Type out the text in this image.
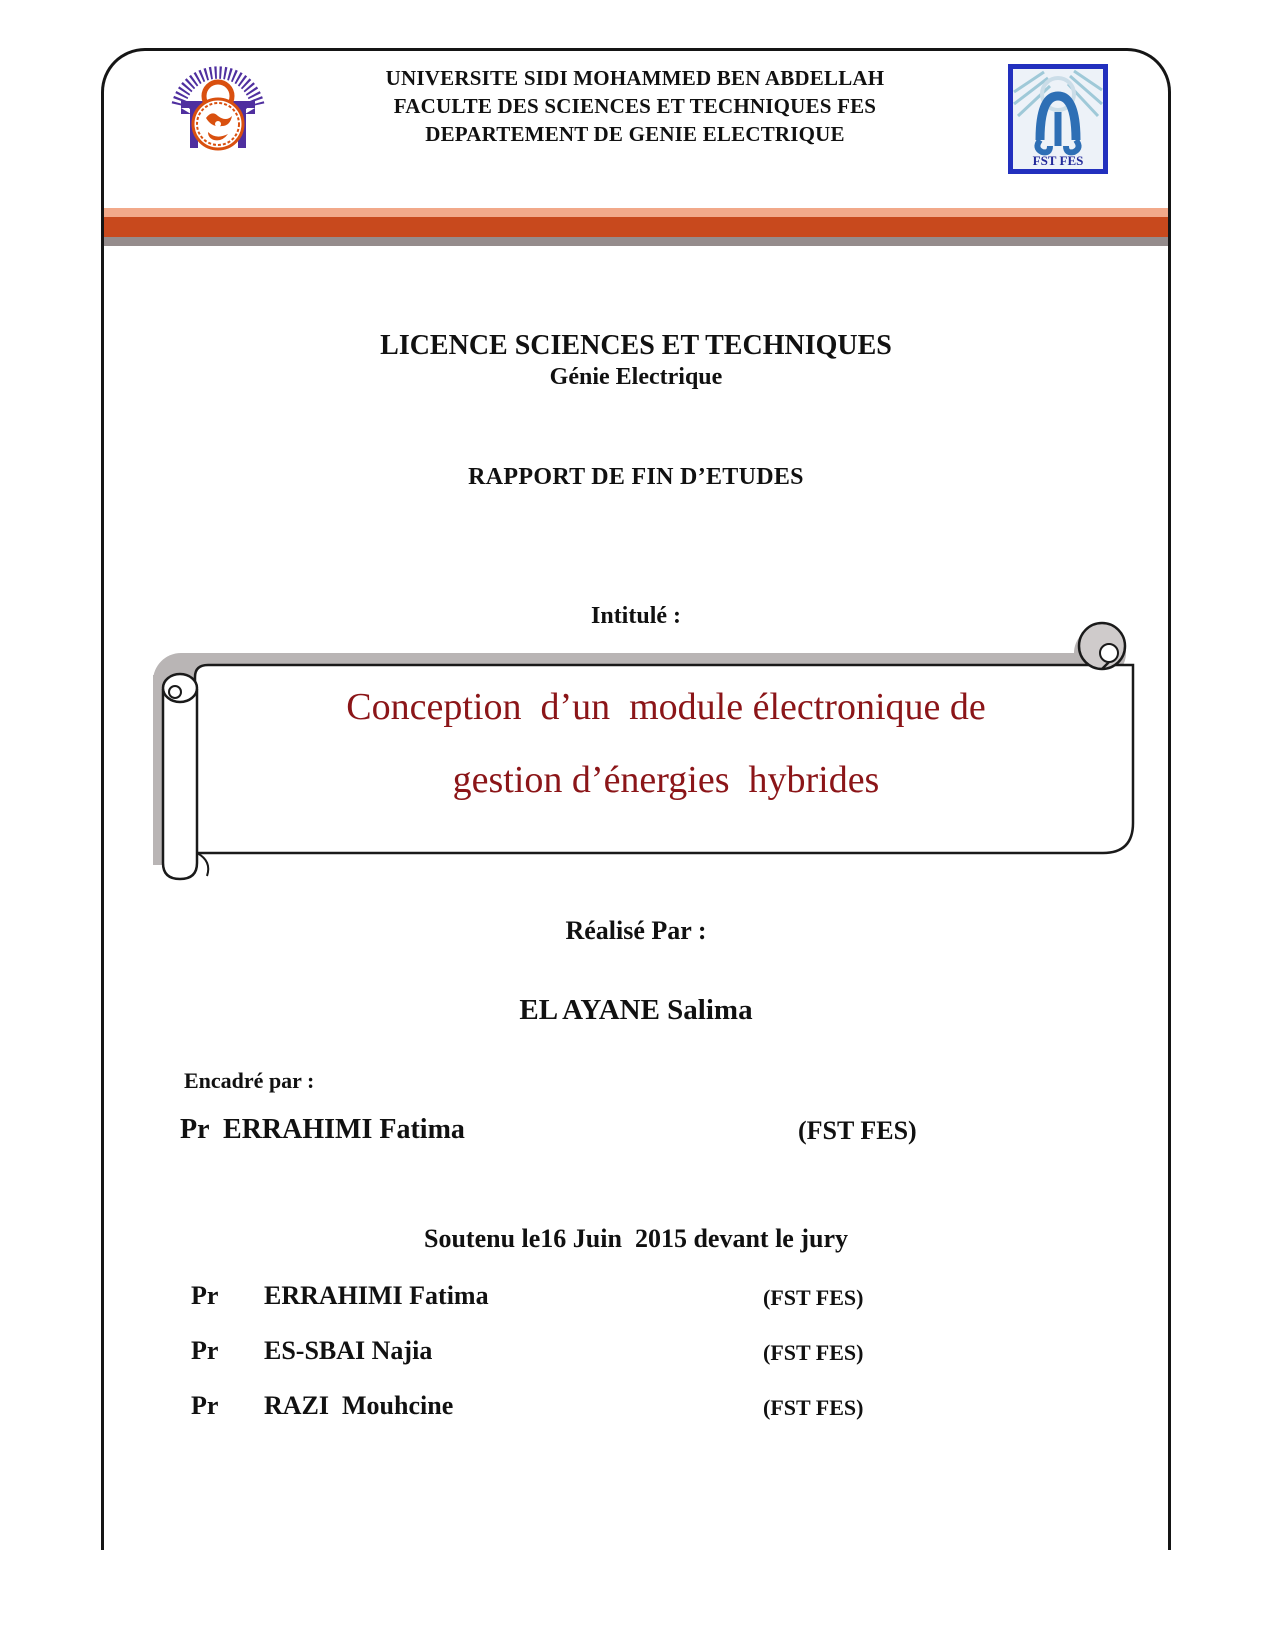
UNIVERSITE SIDI MOHAMMED BEN ABDELLAH
FACULTE DES SCIENCES ET TECHNIQUES FES
DEPARTEMENT DE GENIE ELECTRIQUE
FST FES
LICENCE SCIENCES ET TECHNIQUES
Génie Electrique
RAPPORT DE FIN D’ETUDES
Intitulé :
Conception  d’un  module électronique de
gestion d’énergies  hybrides
Réalisé Par :
EL AYANE Salima
Encadré par :
Pr  ERRAHIMI Fatima	(FST FES)
Soutenu le16 Juin  2015 devant le jury
Pr ERRAHIMI Fatima	(FST FES)
Pr ES-SBAI Najia	(FST FES)
Pr RAZI  Mouhcine	(FST FES)
